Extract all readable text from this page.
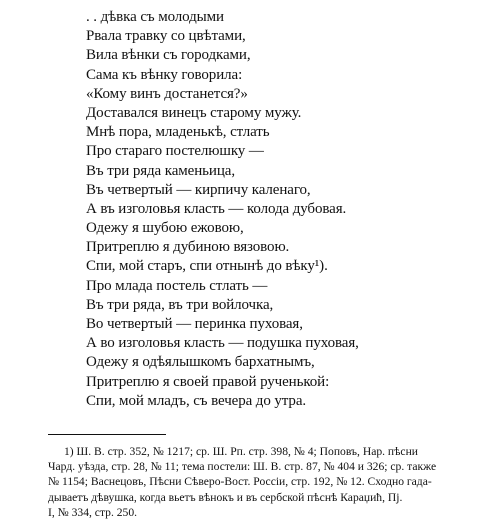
. . дѣвка съ молодыми
Рвала травку со цвѣтами,
Вила вѣнки съ городками,
Сама къ вѣнку говорила:
«Кому винъ достанется?»
Доставался винецъ старому мужу.
Мнѣ пора, младенькѣ, стлать
Про стараго постелюшку —
Въ три ряда каменьица,
Въ четвертый — кирпичу каленаго,
А въ изголовья класть — колода дубовая.
Одежу я шубою ежовою,
Притреплю я дубиною вязовою.
Спи, мой старъ, спи отнынѣ до вѣку¹).
Про млада постель стлать —
Въ три ряда, въ три войлочка,
Во четвертый — перинка пуховая,
А во изголовья класть — подушка пуховая,
Одежу я одѣялышкомъ бархатнымъ,
Притреплю я своей правой рученькой:
Спи, мой младъ, съ вечера до утра.
1) Ш. В. стр. 352, № 1217; ср. Ш. Рп. стр. 398, № 4; Поповъ, Нар. пѣсни
Чард. уѣзда, стр. 28, № 11; тема постели: Ш. В. стр. 87, № 404 и 326; ср. также
№ 1154; Васнецовъ, Пѣсни Сѣверо-Вост. Россіи, стр. 192, № 12. Сходно гада-
дываетъ дѣвушка, когда вьетъ вѣнокъ и въ сербской пѣснѣ Караџић, Пј.
I, № 334, стр. 250.
